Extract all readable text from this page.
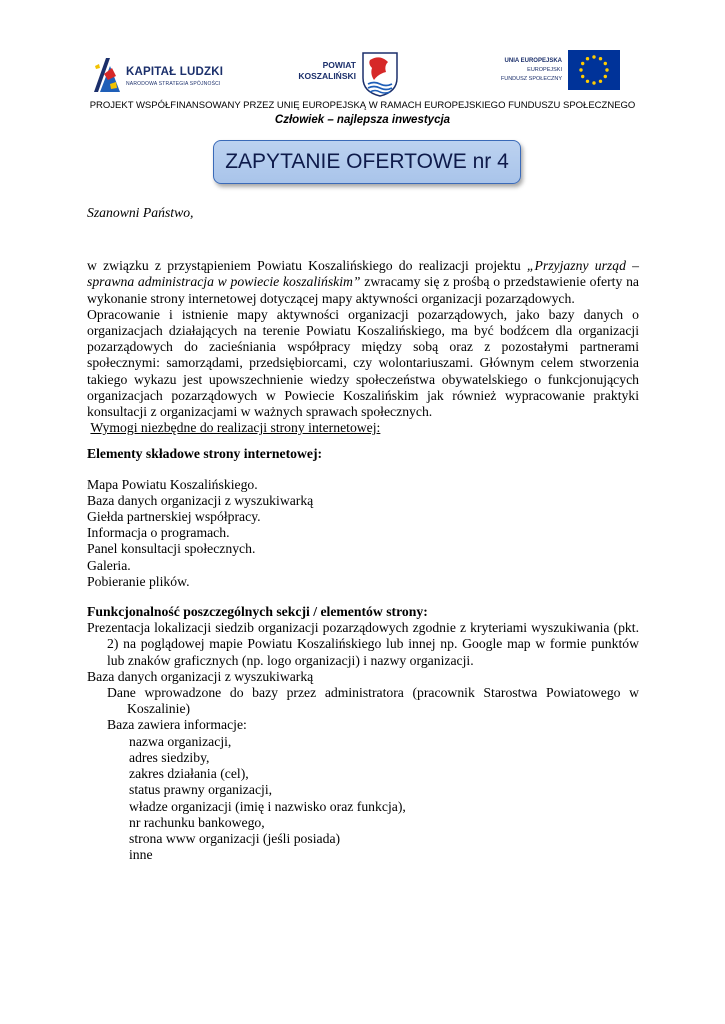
KAPITAŁ LUDZKI
NARODOWA STRATEGIA SPÓJNOŚCI
POWIAT
KOSZALIŃSKI
UNIA EUROPEJSKA
EUROPEJSKI
FUNDUSZ SPOŁECZNY
PROJEKT WSPÓŁFINANSOWANY PRZEZ UNIĘ EUROPEJSKĄ W RAMACH EUROPEJSKIEGO FUNDUSZU SPOŁECZNEGO
Człowiek – najlepsza inwestycja
ZAPYTANIE OFERTOWE nr 4

Szanowni Państwo,

w związku z przystąpieniem Powiatu Koszalińskiego do realizacji projektu „Przyjazny urząd – sprawna administracja w powiecie koszalińskim” zwracamy się z prośbą o przedstawienie oferty na wykonanie strony internetowej dotyczącej mapy aktywności organizacji pozarządowych.

Opracowanie i istnienie mapy aktywności organizacji pozarządowych, jako bazy danych o organizacjach działających na terenie Powiatu Koszalińskiego, ma być bodźcem dla organizacji pozarządowych do zacieśniania współpracy między sobą oraz z pozostałymi partnerami społecznymi: samorządami, przedsiębiorcami, czy wolontariuszami. Głównym celem stworzenia takiego wykazu jest upowszechnienie wiedzy społeczeństwa obywatelskiego o funkcjonujących organizacjach pozarządowych w Powiecie Koszalińskim jak również wypracowanie praktyki konsultacji z organizacjami w ważnych sprawach społecznych.

Wymogi niezbędne do realizacji strony internetowej:

Elementy składowe strony internetowej:

Mapa Powiatu Koszalińskiego.

Baza danych organizacji z wyszukiwarką

Giełda partnerskiej współpracy.

Informacja o programach.

Panel konsultacji społecznych.

Galeria.

Pobieranie plików.

Funkcjonalność poszczególnych sekcji / elementów strony:

Prezentacja lokalizacji siedzib organizacji pozarządowych zgodnie z kryteriami wyszukiwania (pkt. 2) na poglądowej mapie Powiatu Koszalińskiego lub innej np. Google map w formie punktów lub znaków graficznych (np. logo organizacji) i nazwy organizacji.

Baza danych organizacji z wyszukiwarką

Dane wprowadzone do bazy przez administratora (pracownik Starostwa Powiatowego w Koszalinie)

Baza zawiera informacje:

nazwa organizacji,

adres siedziby,

zakres działania (cel),

status prawny organizacji,

władze organizacji (imię i nazwisko oraz funkcja),

nr rachunku bankowego,

strona www organizacji (jeśli posiada)

inne
